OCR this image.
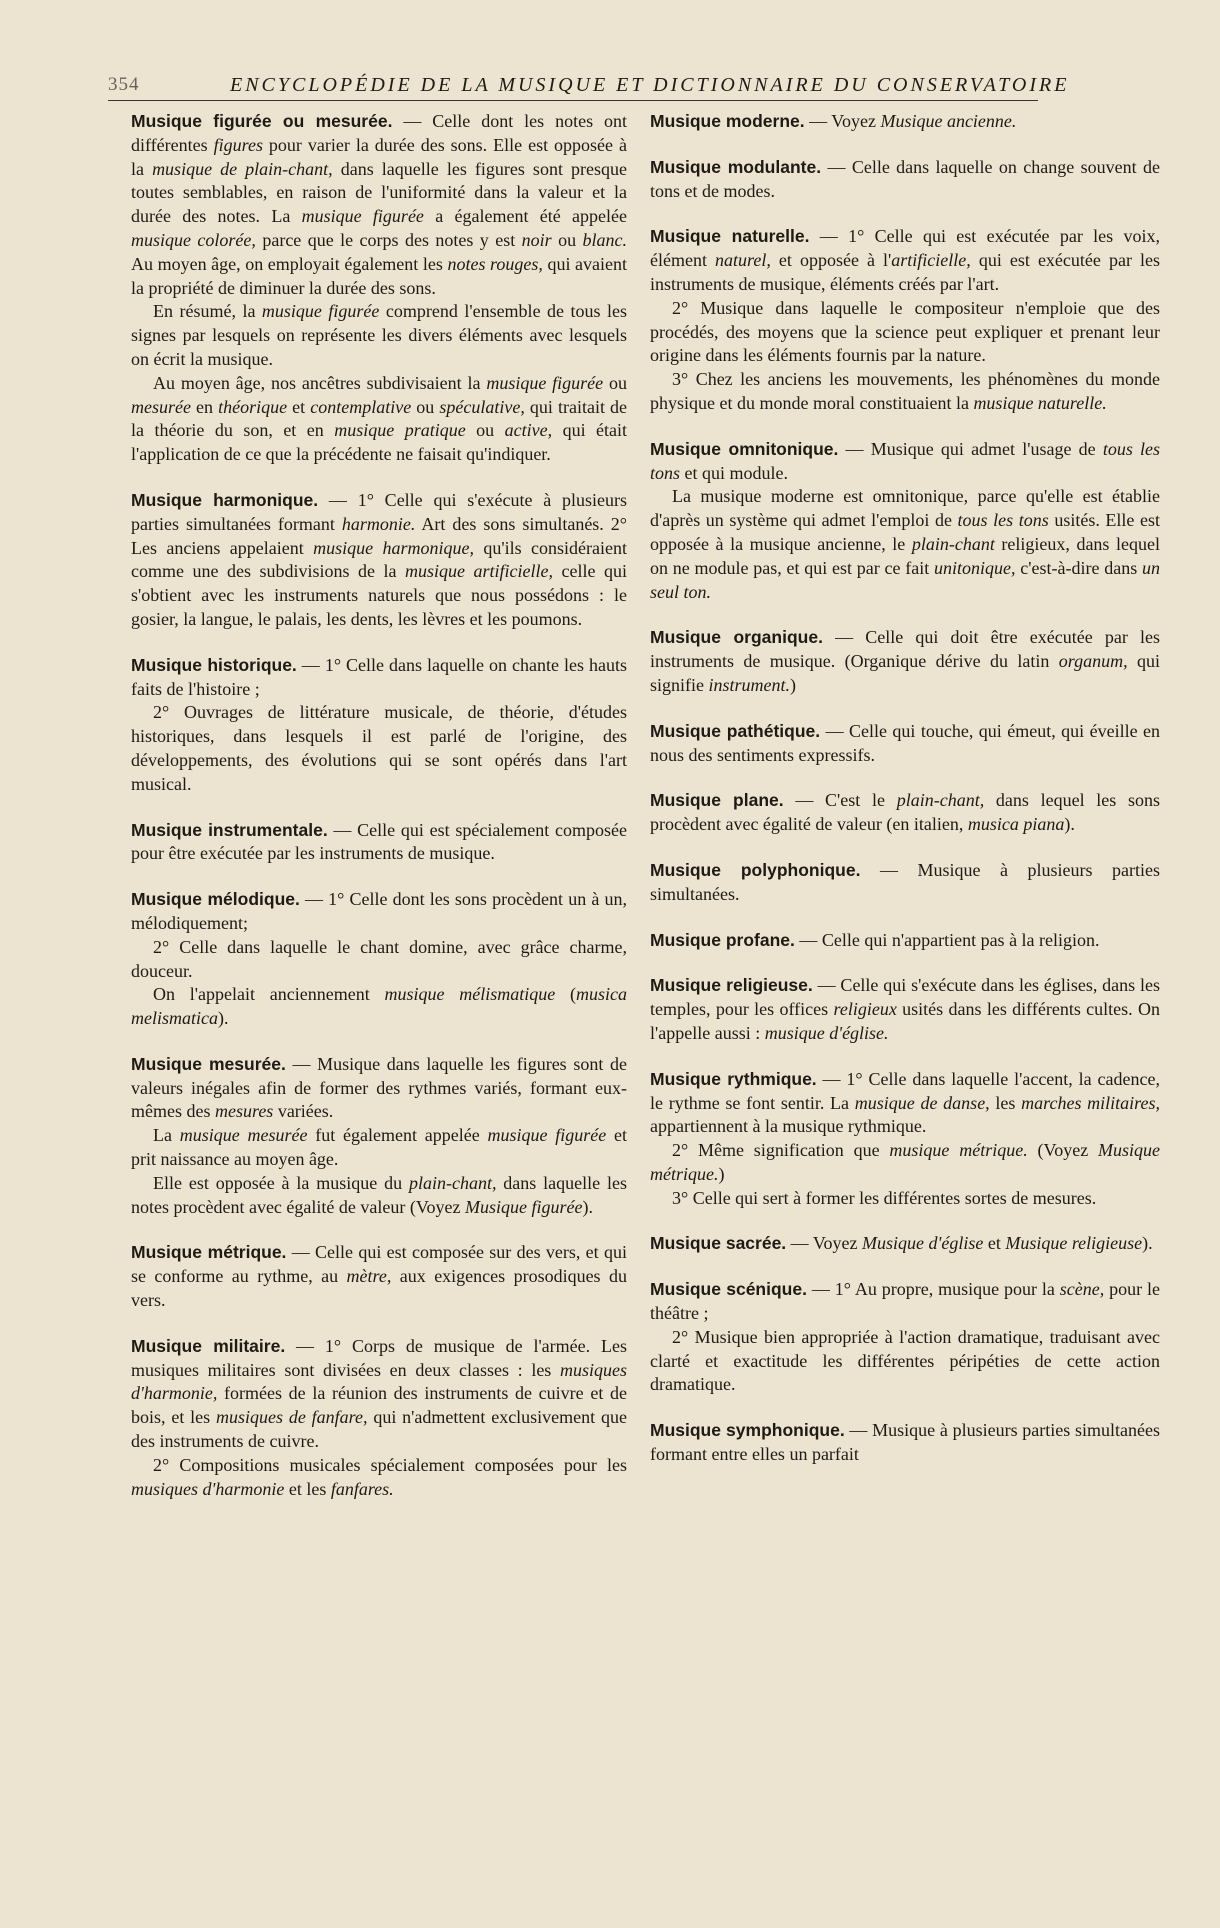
354	ENCYCLOPÉDIE DE LA MUSIQUE ET DICTIONNAIRE DU CONSERVATOIRE

Musique figurée ou mesurée. — Celle dont les notes ont différentes figures pour varier la durée des sons. Elle est opposée à la musique de plain-chant, dans laquelle les figures sont presque toutes semblables, en raison de l'uniformité dans la valeur et la durée des notes. La musique figurée a également été appelée musique colorée, parce que le corps des notes y est noir ou blanc. Au moyen âge, on employait également les notes rouges, qui avaient la propriété de diminuer la durée des sons.

En résumé, la musique figurée comprend l'ensemble de tous les signes par lesquels on représente les divers éléments avec lesquels on écrit la musique.

Au moyen âge, nos ancêtres subdivisaient la musique figurée ou mesurée en théorique et contemplative ou spéculative, qui traitait de la théorie du son, et en musique pratique ou active, qui était l'application de ce que la précédente ne faisait qu'indiquer.

Musique harmonique. — 1° Celle qui s'exécute à plusieurs parties simultanées formant harmonie. Art des sons simultanés. 2° Les anciens appelaient musique harmonique, qu'ils considéraient comme une des subdivisions de la musique artificielle, celle qui s'obtient avec les instruments naturels que nous possédons : le gosier, la langue, le palais, les dents, les lèvres et les poumons.

Musique historique. — 1° Celle dans laquelle on chante les hauts faits de l'histoire ;

2° Ouvrages de littérature musicale, de théorie, d'études historiques, dans lesquels il est parlé de l'origine, des développements, des évolutions qui se sont opérés dans l'art musical.

Musique instrumentale. — Celle qui est spécialement composée pour être exécutée par les instruments de musique.

Musique mélodique. — 1° Celle dont les sons procèdent un à un, mélodiquement;

2° Celle dans laquelle le chant domine, avec grâce charme, douceur.

On l'appelait anciennement musique mélismatique (musica melismatica).

Musique mesurée. — Musique dans laquelle les figures sont de valeurs inégales afin de former des rythmes variés, formant eux-mêmes des mesures variées.

La musique mesurée fut également appelée musique figurée et prit naissance au moyen âge.

Elle est opposée à la musique du plain-chant, dans laquelle les notes procèdent avec égalité de valeur (Voyez Musique figurée).

Musique métrique. — Celle qui est composée sur des vers, et qui se conforme au rythme, au mètre, aux exigences prosodiques du vers.

Musique militaire. — 1° Corps de musique de l'armée. Les musiques militaires sont divisées en deux classes : les musiques d'harmonie, formées de la réunion des instruments de cuivre et de bois, et les musiques de fanfare, qui n'admettent exclusivement que des instruments de cuivre.

2° Compositions musicales spécialement composées pour les musiques d'harmonie et les fanfares.

Musique moderne. — Voyez Musique ancienne.

Musique modulante. — Celle dans laquelle on change souvent de tons et de modes.

Musique naturelle. — 1° Celle qui est exécutée par les voix, élément naturel, et opposée à l'artificielle, qui est exécutée par les instruments de musique, éléments créés par l'art.

2° Musique dans laquelle le compositeur n'emploie que des procédés, des moyens que la science peut expliquer et prenant leur origine dans les éléments fournis par la nature.

3° Chez les anciens les mouvements, les phénomènes du monde physique et du monde moral constituaient la musique naturelle.

Musique omnitonique. — Musique qui admet l'usage de tous les tons et qui module.

La musique moderne est omnitonique, parce qu'elle est établie d'après un système qui admet l'emploi de tous les tons usités. Elle est opposée à la musique ancienne, le plain-chant religieux, dans lequel on ne module pas, et qui est par ce fait unitonique, c'est-à-dire dans un seul ton.

Musique organique. — Celle qui doit être exécutée par les instruments de musique. (Organique dérive du latin organum, qui signifie instrument.)

Musique pathétique. — Celle qui touche, qui émeut, qui éveille en nous des sentiments expressifs.

Musique plane. — C'est le plain-chant, dans lequel les sons procèdent avec égalité de valeur (en italien, musica piana).

Musique polyphonique. — Musique à plusieurs parties simultanées.

Musique profane. — Celle qui n'appartient pas à la religion.

Musique religieuse. — Celle qui s'exécute dans les églises, dans les temples, pour les offices religieux usités dans les différents cultes. On l'appelle aussi : musique d'église.

Musique rythmique. — 1° Celle dans laquelle l'accent, la cadence, le rythme se font sentir. La musique de danse, les marches militaires, appartiennent à la musique rythmique.

2° Même signification que musique métrique. (Voyez Musique métrique.)

3° Celle qui sert à former les différentes sortes de mesures.

Musique sacrée. — Voyez Musique d'église et Musique religieuse).

Musique scénique. — 1° Au propre, musique pour la scène, pour le théâtre ;

2° Musique bien appropriée à l'action dramatique, traduisant avec clarté et exactitude les différentes péripéties de cette action dramatique.

Musique symphonique. — Musique à plusieurs parties simultanées formant entre elles un parfait
